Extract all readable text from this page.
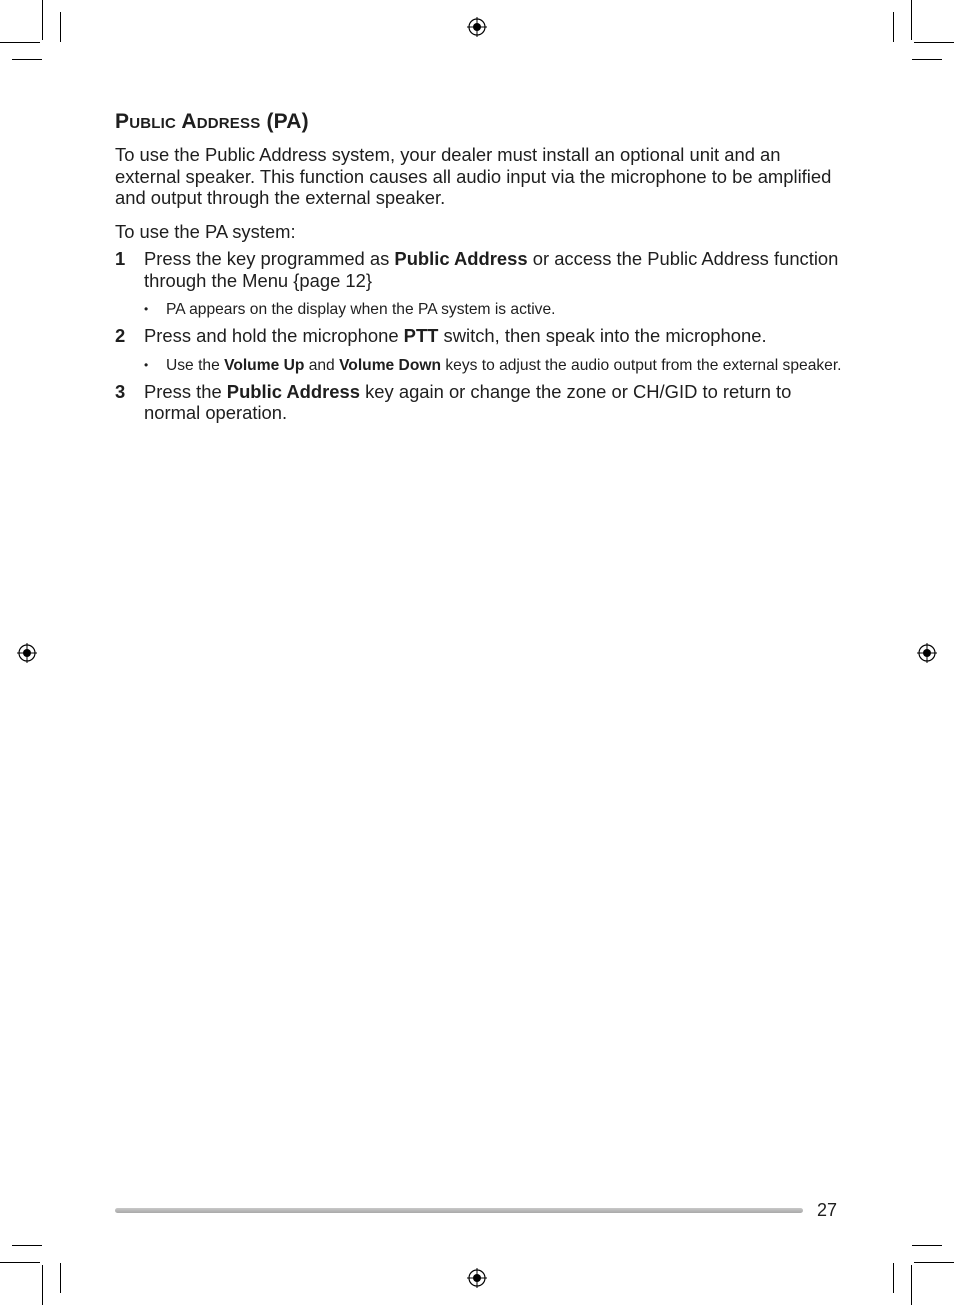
PUBLIC ADDRESS (PA)

To use the Public Address system, your dealer must install an optional unit and an external speaker. This function causes all audio input via the microphone to be amplified and output through the external speaker.

To use the PA system:

1	Press the key programmed as Public Address or access the Public Address function through the Menu {page 12}
•	PA appears on the display when the PA system is active.
2	Press and hold the microphone PTT switch, then speak into the microphone.
•	Use the Volume Up and Volume Down keys to adjust the audio output from the external speaker.
3	Press the Public Address key again or change the zone or CH/GID to return to normal operation.
27
